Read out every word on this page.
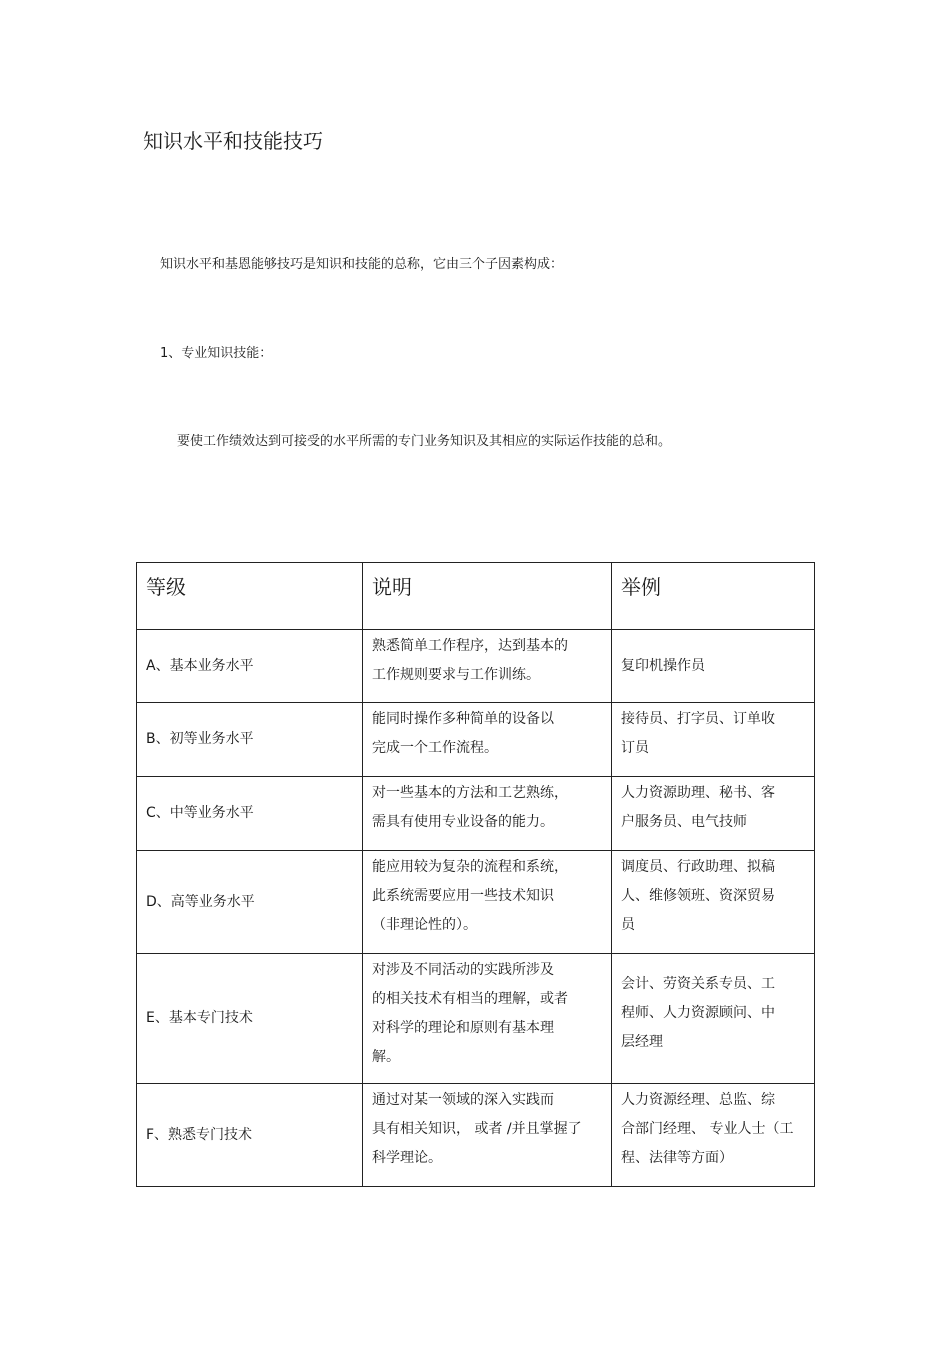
知识水平和技能技巧
知识水平和基恩能够技巧是知识和技能的总称，它由三个子因素构成：
1、专业知识技能：
要使工作绩效达到可接受的水平所需的专门业务知识及其相应的实际运作技能的总和。
等级	说明	举例
A、基本业务水平	熟悉简单工作程序，达到基本的
工作规则要求与工作训练。	复印机操作员

B、初等业务水平	能同时操作多种简单的设备以
完成一个工作流程。	接待员、打字员、订单收
订员

C、中等业务水平	对一些基本的方法和工艺熟练，
需具有使用专业设备的能力。	人力资源助理、秘书、客
户服务员、电气技师

D、高等业务水平	能应用较为复杂的流程和系统，
此系统需要应用一些技术知识
（非理论性的）。	调度员、行政助理、拟稿
人、维修领班、资深贸易
员

E、基本专门技术	对涉及不同活动的实践所涉及
的相关技术有相当的理解，或者
对科学的理论和原则有基本理
解。	会计、劳资关系专员、工
程师、人力资源顾问、中
层经理

F、熟悉专门技术	通过对某一领域的深入实践而
具有相关知识， 或者 /并且掌握了
科学理论。	人力资源经理、总监、综
合部门经理、 专业人士（工
程、法律等方面）
